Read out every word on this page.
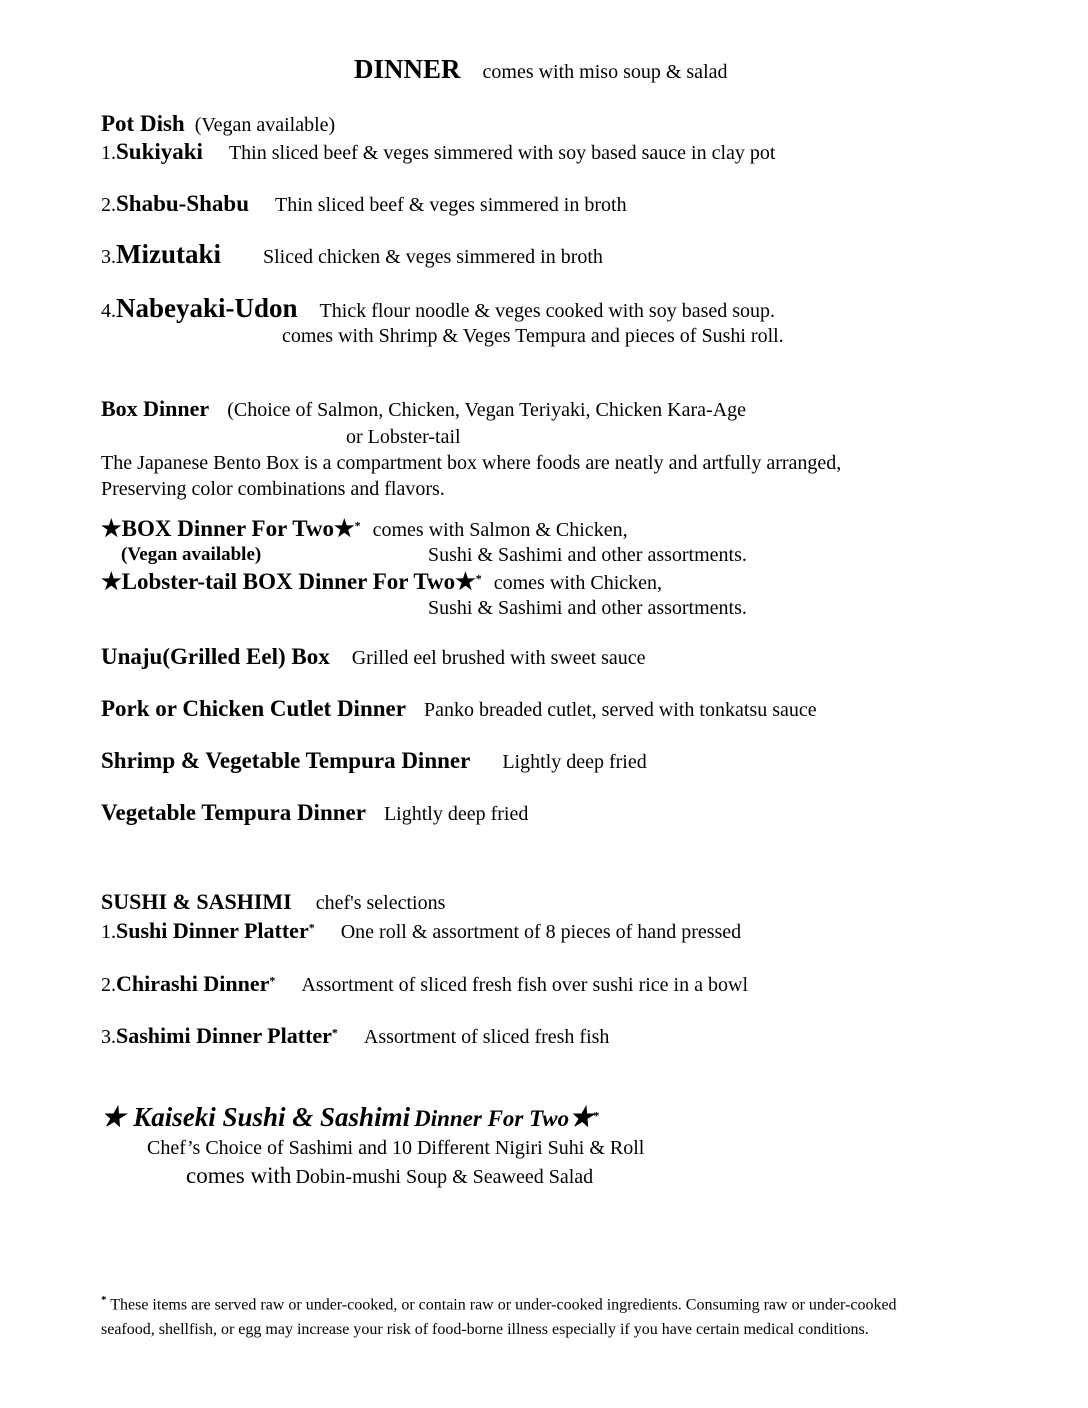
DINNER comes with miso soup & salad
Pot Dish (Vegan available)
1.Sukiyaki Thin sliced beef & veges simmered with soy based sauce in clay pot
2.Shabu-Shabu Thin sliced beef & veges simmered in broth
3.Mizutaki Sliced chicken & veges simmered in broth
4.Nabeyaki-Udon Thick flour noodle & veges cooked with soy based soup.
comes with Shrimp & Veges Tempura and pieces of Sushi roll.
Box Dinner (Choice of Salmon, Chicken, Vegan Teriyaki, Chicken Kara-Age
or Lobster-tail
The Japanese Bento Box is a compartment box where foods are neatly and artfully arranged,
Preserving color combinations and flavors.
★BOX Dinner For Two★* comes with Salmon & Chicken,
(Vegan available)	Sushi & Sashimi and other assortments.
★Lobster-tail BOX Dinner For Two★* comes with Chicken,
Sushi & Sashimi and other assortments.
Unaju(Grilled Eel) Box Grilled eel brushed with sweet sauce
Pork or Chicken Cutlet Dinner Panko breaded cutlet, served with tonkatsu sauce
Shrimp & Vegetable Tempura Dinner Lightly deep fried
Vegetable Tempura Dinner Lightly deep fried
SUSHI & SASHIMI chef's selections
1.Sushi Dinner Platter* One roll & assortment of 8 pieces of hand pressed
2.Chirashi Dinner* Assortment of sliced fresh fish over sushi rice in a bowl
3.Sashimi Dinner Platter* Assortment of sliced fresh fish
★ Kaiseki Sushi & Sashimi Dinner For Two★*
Chef’s Choice of Sashimi and 10 Different Nigiri Suhi & Roll
comes with Dobin-mushi Soup & Seaweed Salad
* These items are served raw or under-cooked, or contain raw or under-cooked ingredients. Consuming raw or under-cooked
seafood, shellfish, or egg may increase your risk of food-borne illness especially if you have certain medical conditions.
